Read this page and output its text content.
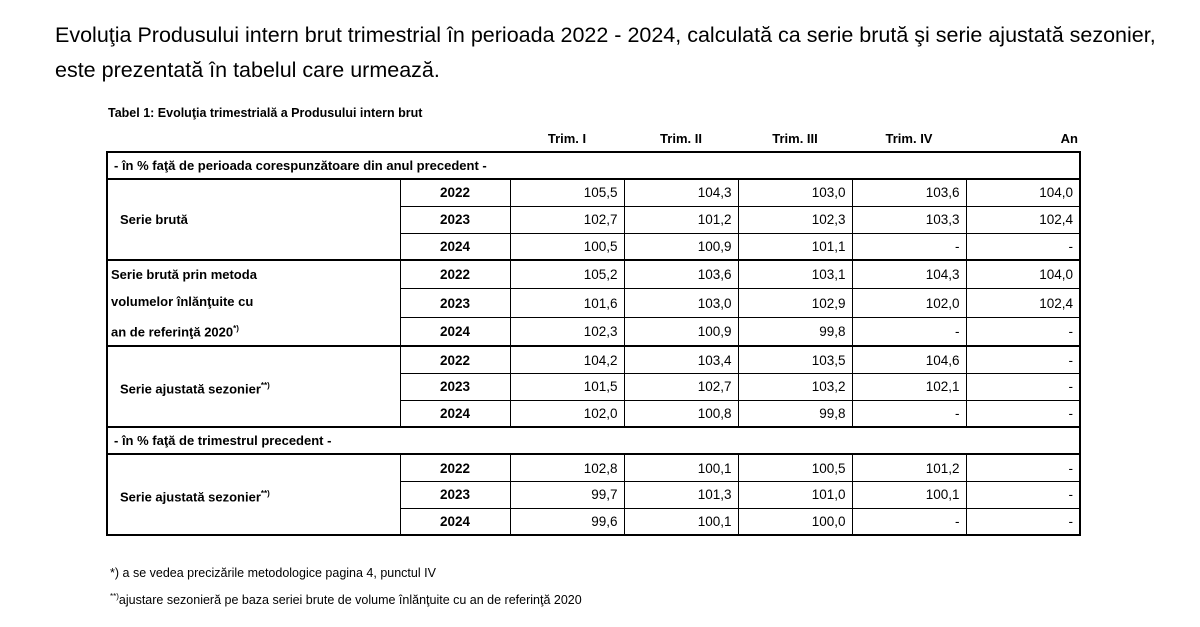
Evoluţia Produsului intern brut trimestrial în perioada 2022 - 2024, calculată ca serie brută şi serie ajustată sezonier, este prezentată în tabelul care urmează.

Tabel 1: Evoluţia trimestrială a Produsului intern brut
		Trim. I	Trim. II	Trim. III	Trim. IV	An
- în % faţă de perioada corespunzătoare din anul precedent -						
Serie brută	2022	105,5	104,3	103,0	103,6	104,0
	2023	102,7	101,2	102,3	103,3	102,4
	2024	100,5	100,9	101,1	-	-
Serie brută prin metoda
volumelor înlănţuite cu
an de referinţă 2020*)	2022	105,2	103,6	103,1	104,3	104,0
	2023	101,6	103,0	102,9	102,0	102,4
	2024	102,3	100,9	99,8	-	-
Serie ajustată sezonier**)	2022	104,2	103,4	103,5	104,6	-
	2023	101,5	102,7	103,2	102,1	-
	2024	102,0	100,8	99,8	-	-
- în % faţă de trimestrul precedent -						
Serie ajustată sezonier**)	2022	102,8	100,1	100,5	101,2	-
	2023	99,7	101,3	101,0	100,1	-
	2024	99,6	100,1	100,0	-	-
*) a se vedea precizările metodologice pagina 4, punctul IV
**)ajustare sezonieră pe baza seriei brute de volume înlănţuite cu an de referinţă 2020
